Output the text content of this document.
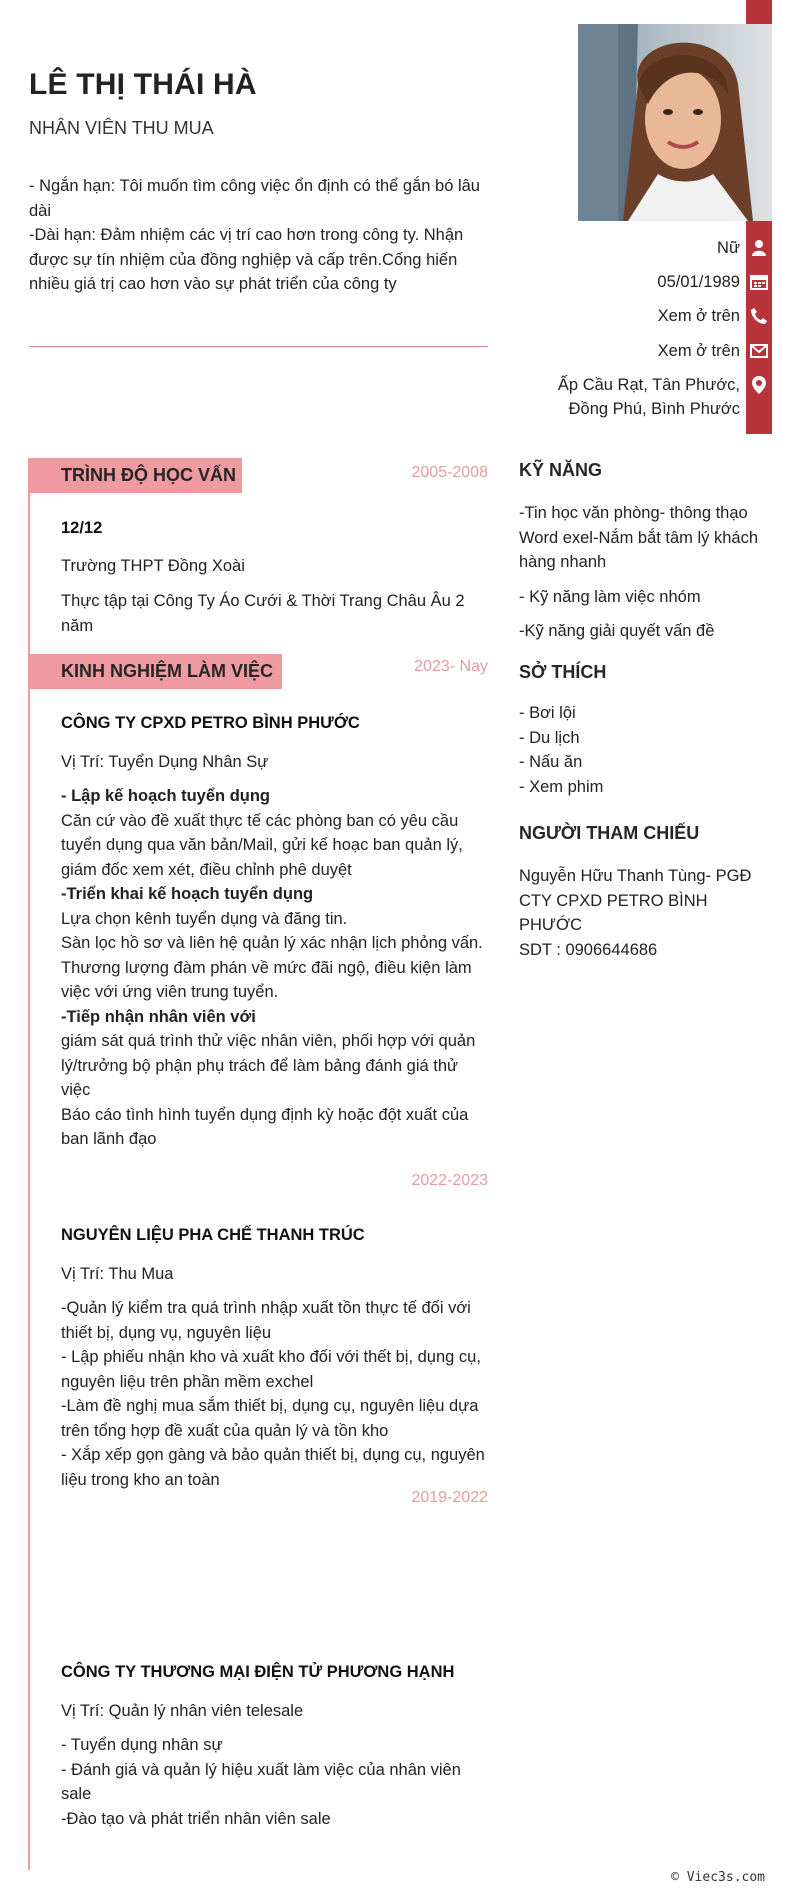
LÊ THỊ THÁI HÀ
NHÂN VIÊN THU MUA
- Ngắn hạn: Tôi muốn tìm công việc ổn định có thể gắn bó lâu dài
-Dài hạn: Đảm nhiệm các vị trí cao hơn trong công ty. Nhận được sự tín nhiệm của đồng nghiệp và cấp trên.Cống hiến nhiều giá trị cao hơn vào sự phát triển của công ty
Nữ
05/01/1989
Xem ở trên
Xem ở trên
Ấp Cầu Rạt, Tân Phước,
Đồng Phú, Bình Phước
TRÌNH ĐỘ HỌC VẤN	2005-2008
12/12
Trường THPT Đồng Xoài
Thực tập tại Công Ty Áo Cưới & Thời Trang Châu Âu 2 năm
KINH NGHIỆM LÀM VIỆC	2023- Nay
CÔNG TY CPXD PETRO BÌNH PHƯỚC
Vị Trí: Tuyển Dụng Nhân Sự
- Lập kế hoạch tuyển dụng
Căn cứ vào đề xuất thực tế các phòng ban có yêu cầu tuyển dụng qua văn bản/Mail, gửi kế hoạc ban quản lý, giám đốc xem xét, điều chỉnh phê duyệt
-Triển khai kế hoạch tuyển dụng
Lựa chọn kênh tuyển dụng và đăng tin.
Sàn lọc hồ sơ và liên hệ quản lý xác nhận lịch phỏng vấn.
Thương lượng đàm phán về mức đãi ngộ, điều kiện làm việc với ứng viên trung tuyển.
-Tiếp nhận nhân viên với
giám sát quá trình thử việc nhân viên, phối hợp với quản lý/trưởng bộ phận phụ trách để làm bảng đánh giá thử việc
Báo cáo tình hình tuyển dụng định kỳ hoặc đột xuất của ban lãnh đạo
2022-2023
NGUYÊN LIỆU PHA CHẾ THANH TRÚC
Vị Trí: Thu Mua
-Quản lý kiểm tra quá trình nhập xuất tồn thực tế đối với thiết bị, dụng vụ, nguyên liệu
- Lập phiếu nhận kho và xuất kho đối với thết bị, dụng cụ, nguyên liệu trên phần mềm exchel
-Làm đề nghị mua sắm thiết bị, dụng cụ, nguyên liệu dựa trên tổng hợp đề xuất của quản lý và tồn kho
- Xắp xếp gọn gàng và bảo quản thiết bị, dụng cụ, nguyên liệu trong kho an toàn
2019-2022
CÔNG TY THƯƠNG MẠI ĐIỆN TỬ PHƯƠNG HẠNH
Vị Trí: Quản lý nhân viên telesale
- Tuyển dụng nhân sự
- Đánh giá và quản lý hiệu xuất làm việc của nhân viên sale
-Đào tạo và phát triển nhân viên sale
KỸ NĂNG
-Tin học văn phòng- thông thạo Word exel-Nắm bắt tâm lý khách hàng nhanh
- Kỹ năng làm việc nhóm
-Kỹ năng giải quyết vấn đề
SỞ THÍCH
- Bơi lội
- Du lịch
- Nấu ăn
- Xem phim
NGƯỜI THAM CHIẾU
Nguyễn Hữu Thanh Tùng- PGĐ
CTY CPXD PETRO BÌNH PHƯỚC
SDT : 0906644686
© Viec3s.com
